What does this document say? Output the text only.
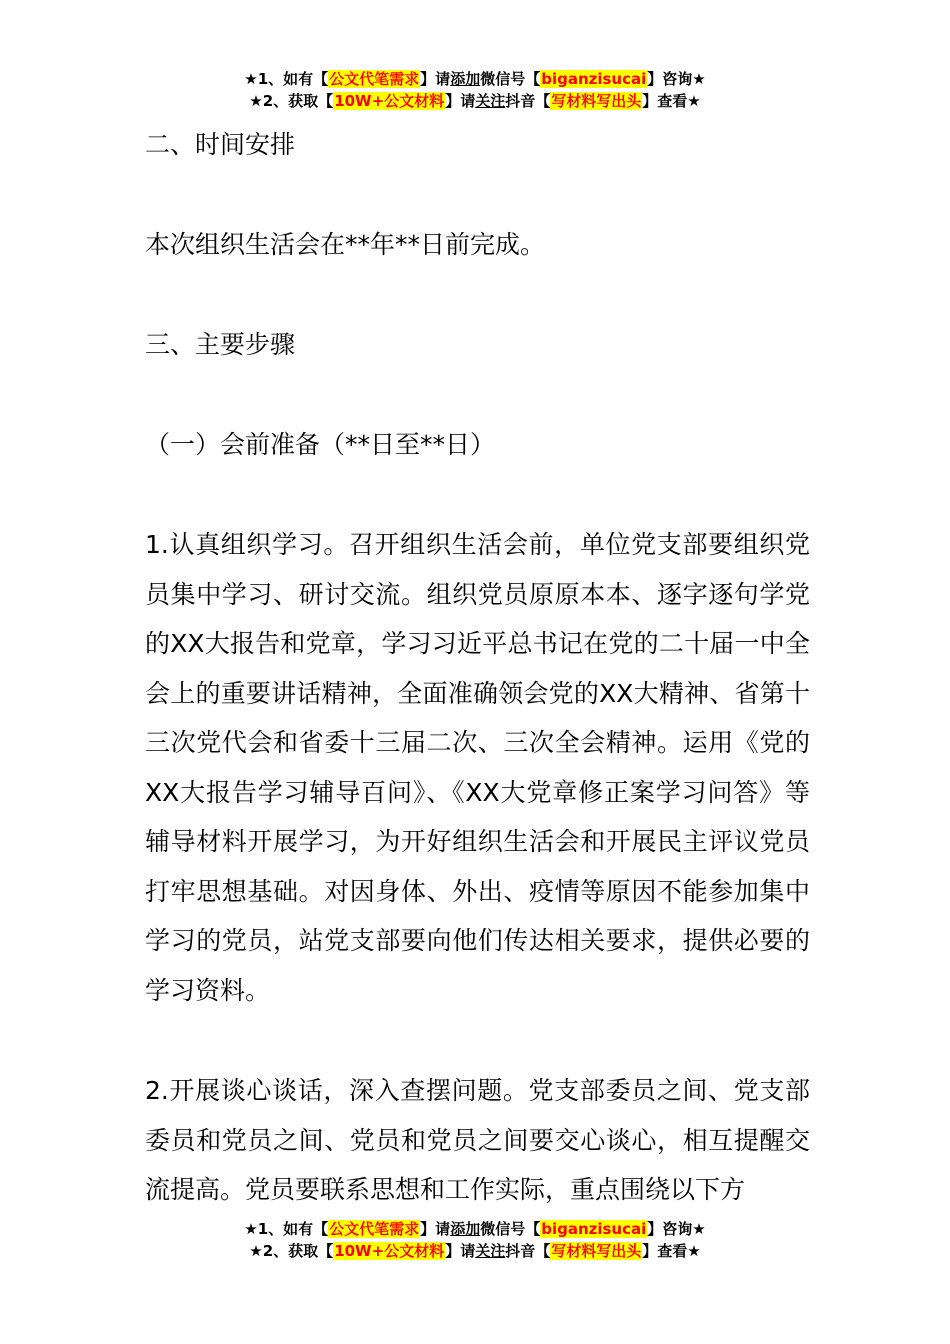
★1、如有【公文代笔需求】请添加微信号【biganzisucai】咨询★
★2、获取【10W+公文材料】请关注抖音【写材料写出头】查看★

二、时间安排

本次组织生活会在**年**日前完成。

三、主要步骤

（一）会前准备（**日至**日）

1.认真组织学习。召开组织生活会前，单位党支部要组织党员集中学习、研讨交流。组织党员原原本本、逐字逐句学党的XX大报告和党章，学习习近平总书记在党的二十届一中全会上的重要讲话精神，全面准确领会党的XX大精神、省第十三次党代会和省委十三届二次、三次全会精神。运用《党的XX大报告学习辅导百问》、《XX大党章修正案学习问答》等辅导材料开展学习，为开好组织生活会和开展民主评议党员打牢思想基础。对因身体、外出、疫情等原因不能参加集中学习的党员，站党支部要向他们传达相关要求，提供必要的学习资料。

2.开展谈心谈话，深入查摆问题。党支部委员之间、党支部委员和党员之间、党员和党员之间要交心谈心，相互提醒交流提高。党员要联系思想和工作实际，重点围绕以下方

★1、如有【公文代笔需求】请添加微信号【biganzisucai】咨询★
★2、获取【10W+公文材料】请关注抖音【写材料写出头】查看★
